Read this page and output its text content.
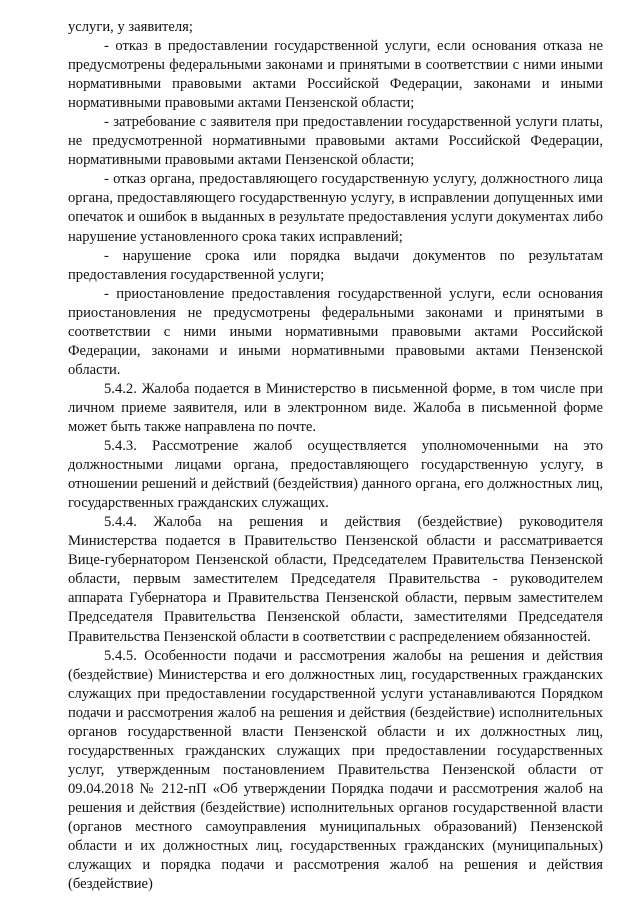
услуги, у заявителя;

- отказ в предоставлении государственной услуги, если основания отказа не предусмотрены федеральными законами и принятыми в соответствии с ними иными нормативными правовыми актами Российской Федерации, законами и иными нормативными правовыми актами Пензенской области;

- затребование с заявителя при предоставлении государственной услуги платы, не предусмотренной нормативными правовыми актами Российской Федерации, нормативными правовыми актами Пензенской области;

- отказ органа, предоставляющего государственную услугу, должностного лица органа, предоставляющего государственную услугу, в исправлении допущенных ими опечаток и ошибок в выданных в результате предоставления услуги документах либо нарушение установленного срока таких исправлений;

- нарушение срока или порядка выдачи документов по результатам предоставления государственной услуги;

- приостановление предоставления государственной услуги, если основания приостановления не предусмотрены федеральными законами и принятыми в соответствии с ними иными нормативными правовыми актами Российской Федерации, законами и иными нормативными правовыми актами Пензенской области.

5.4.2. Жалоба подается в Министерство в письменной форме, в том числе при личном приеме заявителя, или в электронном виде. Жалоба в письменной форме может быть также направлена по почте.

5.4.3. Рассмотрение жалоб осуществляется уполномоченными на это должностными лицами органа, предоставляющего государственную услугу, в отношении решений и действий (бездействия) данного органа, его должностных лиц, государственных гражданских служащих.

5.4.4. Жалоба на решения и действия (бездействие) руководителя Министерства подается в Правительство Пензенской области и рассматривается Вице-губернатором Пензенской области, Председателем Правительства Пензенской области, первым заместителем Председателя Правительства - руководителем аппарата Губернатора и Правительства Пензенской области, первым заместителем Председателя Правительства Пензенской области, заместителями Председателя Правительства Пензенской области в соответствии с распределением обязанностей.

5.4.5. Особенности подачи и рассмотрения жалобы на решения и действия (бездействие) Министерства и его должностных лиц, государственных гражданских служащих при предоставлении государственной услуги устанавливаются Порядком подачи и рассмотрения жалоб на решения и действия (бездействие) исполнительных органов государственной власти Пензенской области и их должностных лиц, государственных гражданских служащих при предоставлении государственных услуг, утвержденным постановлением Правительства Пензенской области от 09.04.2018 № 212-пП «Об утверждении Порядка подачи и рассмотрения жалоб на решения и действия (бездействие) исполнительных органов государственной власти (органов местного самоуправления муниципальных образований) Пензенской области и их должностных лиц, государственных гражданских (муниципальных) служащих и порядка подачи и рассмотрения жалоб на решения и действия (бездействие)
